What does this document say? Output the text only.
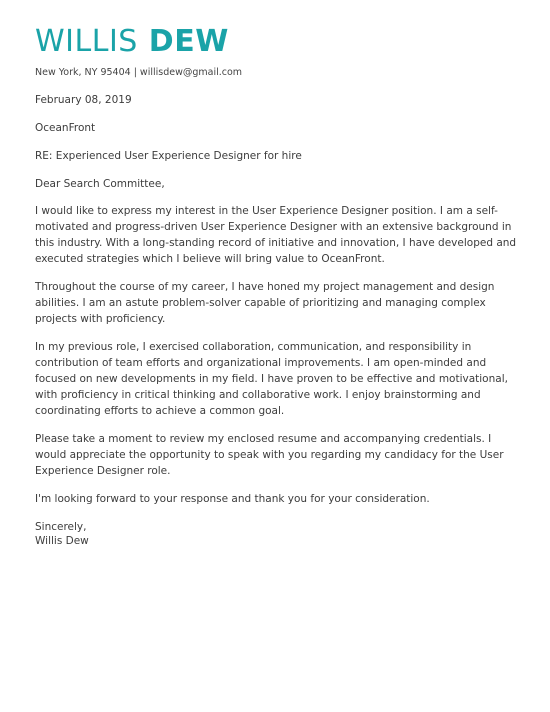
WILLIS DEW
New York, NY 95404 | willisdew@gmail.com
February 08, 2019
OceanFront
RE: Experienced User Experience Designer for hire
Dear Search Committee,
I would like to express my interest in the User Experience Designer position. I am a self-motivated and progress-driven User Experience Designer with an extensive background in this industry. With a long-standing record of initiative and innovation, I have developed and executed strategies which I believe will bring value to OceanFront.
Throughout the course of my career, I have honed my project management and design abilities. I am an astute problem-solver capable of prioritizing and managing complex projects with proficiency.
In my previous role, I exercised collaboration, communication, and responsibility in contribution of team efforts and organizational improvements. I am open-minded and focused on new developments in my field. I have proven to be effective and motivational, with proficiency in critical thinking and collaborative work. I enjoy brainstorming and coordinating efforts to achieve a common goal.
Please take a moment to review my enclosed resume and accompanying credentials. I would appreciate the opportunity to speak with you regarding my candidacy for the User Experience Designer role.
I'm looking forward to your response and thank you for your consideration.
Sincerely,
Willis Dew
